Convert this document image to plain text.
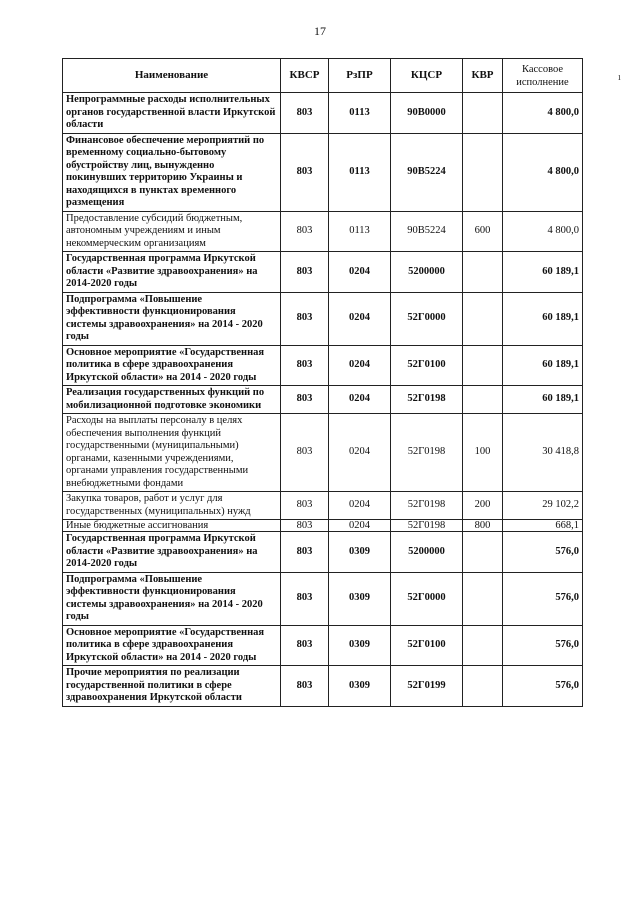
17
ı
Наименование	КВСР	РзПР	КЦСР	КВР	Кассовое исполнение
Непрограммные расходы исполнительных органов государственной власти Иркутской области	803	0113	90В0000		4 800,0
Финансовое обеспечение мероприятий по временному социально-бытовому обустройству лиц, вынужденно покинувших территорию Украины и находящихся в пунктах временного размещения	803	0113	90В5224		4 800,0
Предоставление субсидий бюджетным, автономным учреждениям и иным некоммерческим организациям	803	0113	90В5224	600	4 800,0
Государственная программа Иркутской области «Развитие здравоохранения» на 2014-2020 годы	803	0204	5200000		60 189,1
Подпрограмма «Повышение эффективности функционирования системы здравоохранения» на 2014 - 2020 годы	803	0204	52Г0000		60 189,1
Основное мероприятие «Государственная политика в сфере здравоохранения Иркутской области» на 2014 - 2020 годы	803	0204	52Г0100		60 189,1
Реализация государственных функций по мобилизационной подготовке экономики	803	0204	52Г0198		60 189,1
Расходы на выплаты персоналу в целях обеспечения выполнения функций государственными (муниципальными) органами, казенными учреждениями, органами управления государственными внебюджетными фондами	803	0204	52Г0198	100	30 418,8
Закупка товаров, работ и услуг для государственных (муниципальных) нужд	803	0204	52Г0198	200	29 102,2
Иные бюджетные ассигнования	803	0204	52Г0198	800	668,1
Государственная программа Иркутской области «Развитие здравоохранения» на 2014-2020 годы	803	0309	5200000		576,0
Подпрограмма «Повышение эффективности функционирования системы здравоохранения» на 2014 - 2020 годы	803	0309	52Г0000		576,0
Основное мероприятие «Государственная политика в сфере здравоохранения Иркутской области» на 2014 - 2020 годы	803	0309	52Г0100		576,0
Прочие мероприятия по реализации государственной политики в сфере здравоохранения Иркутской области	803	0309	52Г0199		576,0
